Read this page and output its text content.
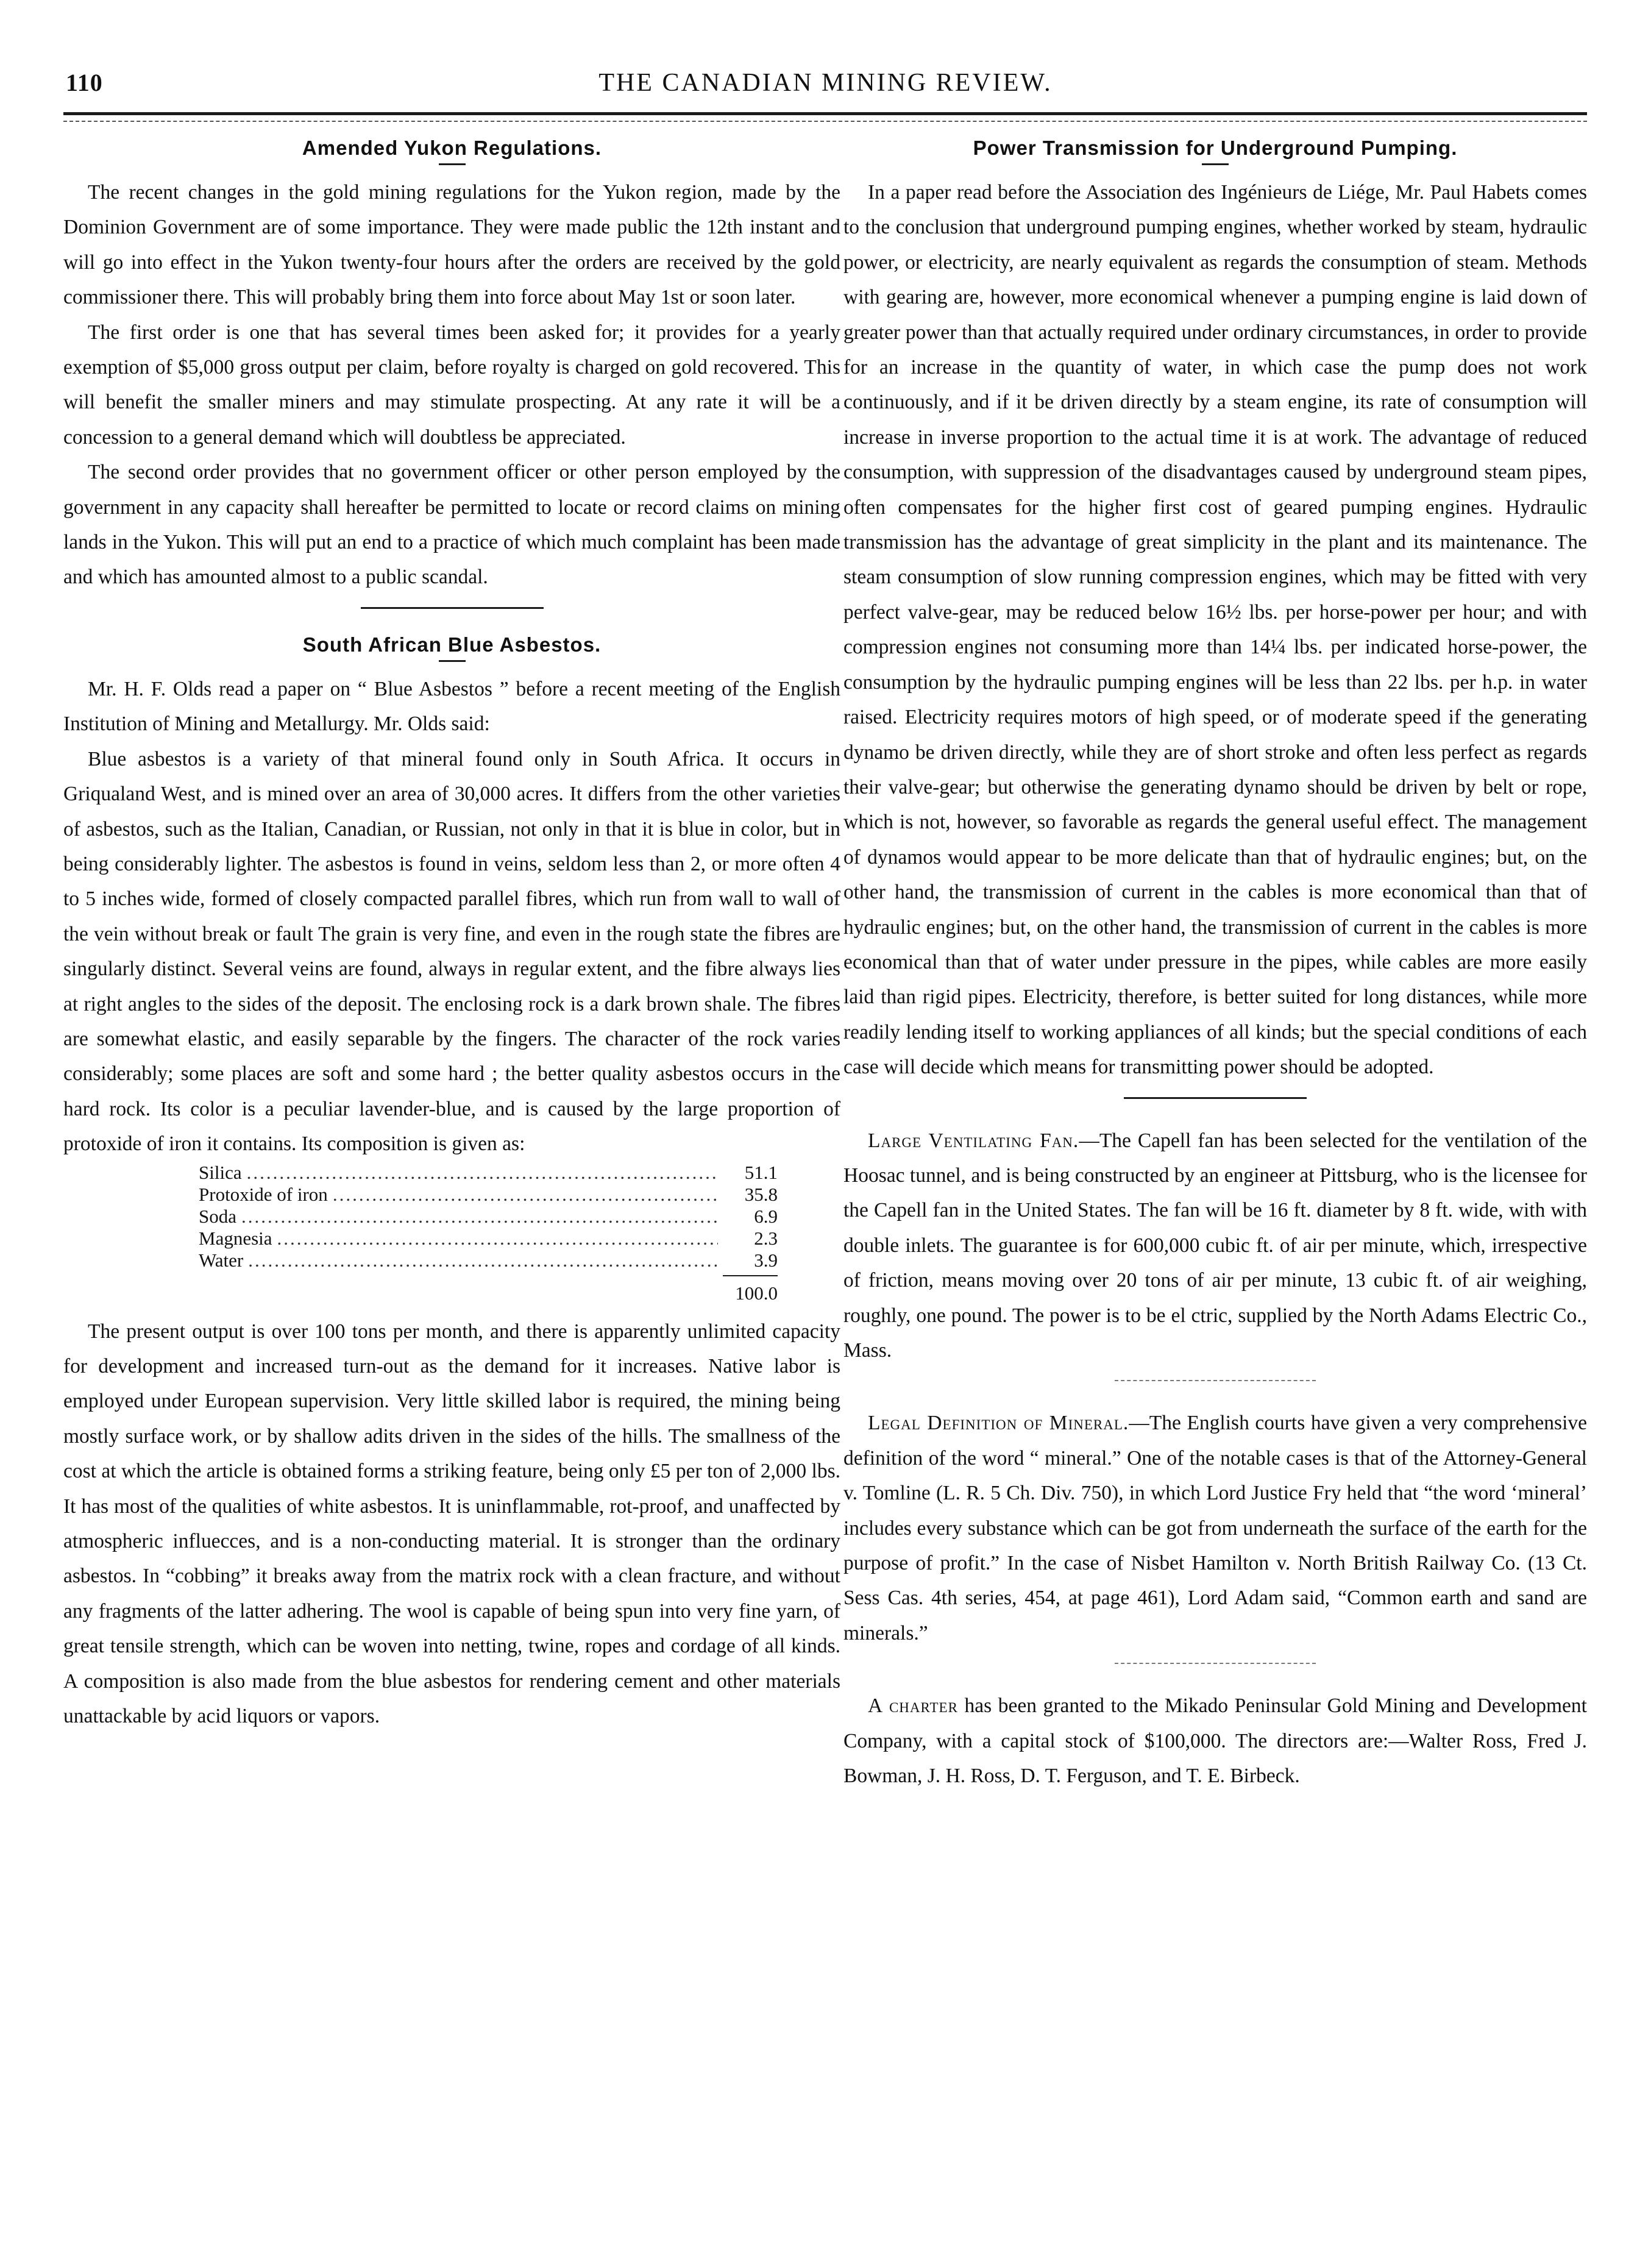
110	THE CANADIAN MINING REVIEW.
Amended Yukon Regulations.

The recent changes in the gold mining regulations for the Yukon region, made by the Dominion Government are of some importance. They were made public the 12th instant and will go into effect in the Yukon twenty-four hours after the orders are received by the gold commissioner there. This will probably bring them into force about May 1st or soon later.

The first order is one that has several times been asked for; it provides for a yearly exemption of $5,000 gross output per claim, before royalty is charged on gold recovered. This will benefit the smaller miners and may stimulate prospecting. At any rate it will be a concession to a general demand which will doubtless be appreciated.

The second order provides that no government officer or other person employed by the government in any capacity shall hereafter be permitted to locate or record claims on mining lands in the Yukon. This will put an end to a practice of which much complaint has been made and which has amounted almost to a public scandal.

South African Blue Asbestos.

Mr. H. F. Olds read a paper on “ Blue Asbestos ” before a recent meeting of the English Institution of Mining and Metallurgy. Mr. Olds said:

Blue asbestos is a variety of that mineral found only in South Africa. It occurs in Griqualand West, and is mined over an area of 30,000 acres. It differs from the other varieties of asbestos, such as the Italian, Canadian, or Russian, not only in that it is blue in color, but in being considerably lighter. The asbestos is found in veins, seldom less than 2, or more often 4 to 5 inches wide, formed of closely compacted parallel fibres, which run from wall to wall of the vein without break or fault The grain is very fine, and even in the rough state the fibres are singularly distinct. Several veins are found, always in regular extent, and the fibre always lies at right angles to the sides of the deposit. The enclosing rock is a dark brown shale. The fibres are somewhat elastic, and easily separable by the fingers. The character of the rock varies considerably; some places are soft and some hard ; the better quality asbestos occurs in the hard rock. Its color is a peculiar lavender-blue, and is caused by the large proportion of protoxide of iron it contains. Its composition is given as:

Silica .....	51.1
Protoxide of iron .....	35.8
Soda .....	6.9
Magnesia .....	2.3
Water .....	3.9
100.0

The present output is over 100 tons per month, and there is apparently unlimited capacity for development and increased turn-out as the demand for it increases. Native labor is employed under European supervision. Very little skilled labor is required, the mining being mostly surface work, or by shallow adits driven in the sides of the hills. The smallness of the cost at which the article is obtained forms a striking feature, being only £5 per ton of 2,000 lbs. It has most of the qualities of white asbestos. It is uninflammable, rot-proof, and unaffected by atmospheric influecces, and is a non-conducting material. It is stronger than the ordinary asbestos. In “cobbing” it breaks away from the matrix rock with a clean fracture, and without any fragments of the latter adhering. The wool is capable of being spun into very fine yarn, of great tensile strength, which can be woven into netting, twine, ropes and cordage of all kinds. A composition is also made from the blue asbestos for rendering cement and other materials unattackable by acid liquors or vapors.

Power Transmission for Underground Pumping.

In a paper read before the Association des Ingénieurs de Liége, Mr. Paul Habets comes to the conclusion that underground pumping engines, whether worked by steam, hydraulic power, or electricity, are nearly equivalent as regards the consumption of steam. Methods with gearing are, however, more economical whenever a pumping engine is laid down of greater power than that actually required under ordinary circumstances, in order to provide for an increase in the quantity of water, in which case the pump does not work continuously, and if it be driven directly by a steam engine, its rate of consumption will increase in inverse proportion to the actual time it is at work. The advantage of reduced consumption, with suppression of the disadvantages caused by underground steam pipes, often compensates for the higher first cost of geared pumping engines. Hydraulic transmission has the advantage of great simplicity in the plant and its maintenance. The steam consumption of slow running compression engines, which may be fitted with very perfect valve-gear, may be reduced below 16½ lbs. per horse-power per hour; and with compression engines not consuming more than 14¼ lbs. per indicated horse-power, the consumption by the hydraulic pumping engines will be less than 22 lbs. per h.p. in water raised. Electricity requires motors of high speed, or of moderate speed if the generating dynamo be driven directly, while they are of short stroke and often less perfect as regards their valve-gear; but otherwise the generating dynamo should be driven by belt or rope, which is not, however, so favorable as regards the general useful effect. The management of dynamos would appear to be more delicate than that of hydraulic engines; but, on the other hand, the transmission of current in the cables is more economical than that of hydraulic engines; but, on the other hand, the transmission of current in the cables is more economical than that of water under pressure in the pipes, while cables are more easily laid than rigid pipes. Electricity, therefore, is better suited for long distances, while more readily lending itself to working appliances of all kinds; but the special conditions of each case will decide which means for transmitting power should be adopted.

Large Ventilating Fan.—The Capell fan has been selected for the ventilation of the Hoosac tunnel, and is being constructed by an engineer at Pittsburg, who is the licensee for the Capell fan in the United States. The fan will be 16 ft. diameter by 8 ft. wide, with with double inlets. The guarantee is for 600,000 cubic ft. of air per minute, which, irrespective of friction, means moving over 20 tons of air per minute, 13 cubic ft. of air weighing, roughly, one pound. The power is to be el ctric, supplied by the North Adams Electric Co., Mass.

Legal Definition of Mineral.—The English courts have given a very comprehensive definition of the word “ mineral.” One of the notable cases is that of the Attorney-General v. Tomline (L. R. 5 Ch. Div. 750), in which Lord Justice Fry held that “the word ‘mineral’ includes every substance which can be got from underneath the surface of the earth for the purpose of profit.” In the case of Nisbet Hamilton v. North British Railway Co. (13 Ct. Sess Cas. 4th series, 454, at page 461), Lord Adam said, “Common earth and sand are minerals.”

A charter has been granted to the Mikado Peninsular Gold Mining and Development Company, with a capital stock of $100,000. The directors are:—Walter Ross, Fred J. Bowman, J. H. Ross, D. T. Ferguson, and T. E. Birbeck.
